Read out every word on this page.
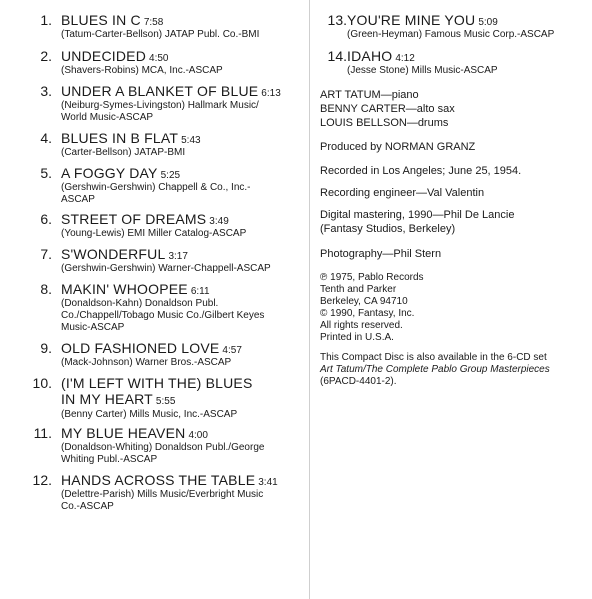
1. BLUES IN C 7:58
(Tatum-Carter-Bellson) JATAP Publ. Co.-BMI
2. UNDECIDED 4:50
(Shavers-Robins) MCA, Inc.-ASCAP
3. UNDER A BLANKET OF BLUE 6:13
(Neiburg-Symes-Livingston) Hallmark Music/
World Music-ASCAP
4. BLUES IN B FLAT 5:43
(Carter-Bellson) JATAP-BMI
5. A FOGGY DAY 5:25
(Gershwin-Gershwin) Chappell & Co., Inc.-
ASCAP
6. STREET OF DREAMS 3:49
(Young-Lewis) EMI Miller Catalog-ASCAP
7. S'WONDERFUL 3:17
(Gershwin-Gershwin) Warner-Chappell-ASCAP
8. MAKIN' WHOOPEE 6:11
(Donaldson-Kahn) Donaldson Publ.
Co./Chappell/Tobago Music Co./Gilbert Keyes
Music-ASCAP
9. OLD FASHIONED LOVE 4:57
(Mack-Johnson) Warner Bros.-ASCAP
10. (I'M LEFT WITH THE) BLUES
IN MY HEART 5:55
(Benny Carter) Mills Music, Inc.-ASCAP
11. MY BLUE HEAVEN 4:00
(Donaldson-Whiting) Donaldson Publ./George
Whiting Publ.-ASCAP
12. HANDS ACROSS THE TABLE 3:41
(Delettre-Parish) Mills Music/Everbright Music
Co.-ASCAP
13. YOU'RE MINE YOU 5:09
(Green-Heyman) Famous Music Corp.-ASCAP
14. IDAHO 4:12
(Jesse Stone) Mills Music-ASCAP
ART TATUM—piano
BENNY CARTER—alto sax
LOUIS BELLSON—drums
Produced by NORMAN GRANZ
Recorded in Los Angeles; June 25, 1954.
Recording engineer—Val Valentin
Digital mastering, 1990—Phil De Lancie
(Fantasy Studios, Berkeley)
Photography—Phil Stern
℗ 1975, Pablo Records
Tenth and Parker
Berkeley, CA 94710
© 1990, Fantasy, Inc.
All rights reserved.
Printed in U.S.A.
This Compact Disc is also available in the 6-CD set
Art Tatum/The Complete Pablo Group Masterpieces
(6PACD-4401-2).
